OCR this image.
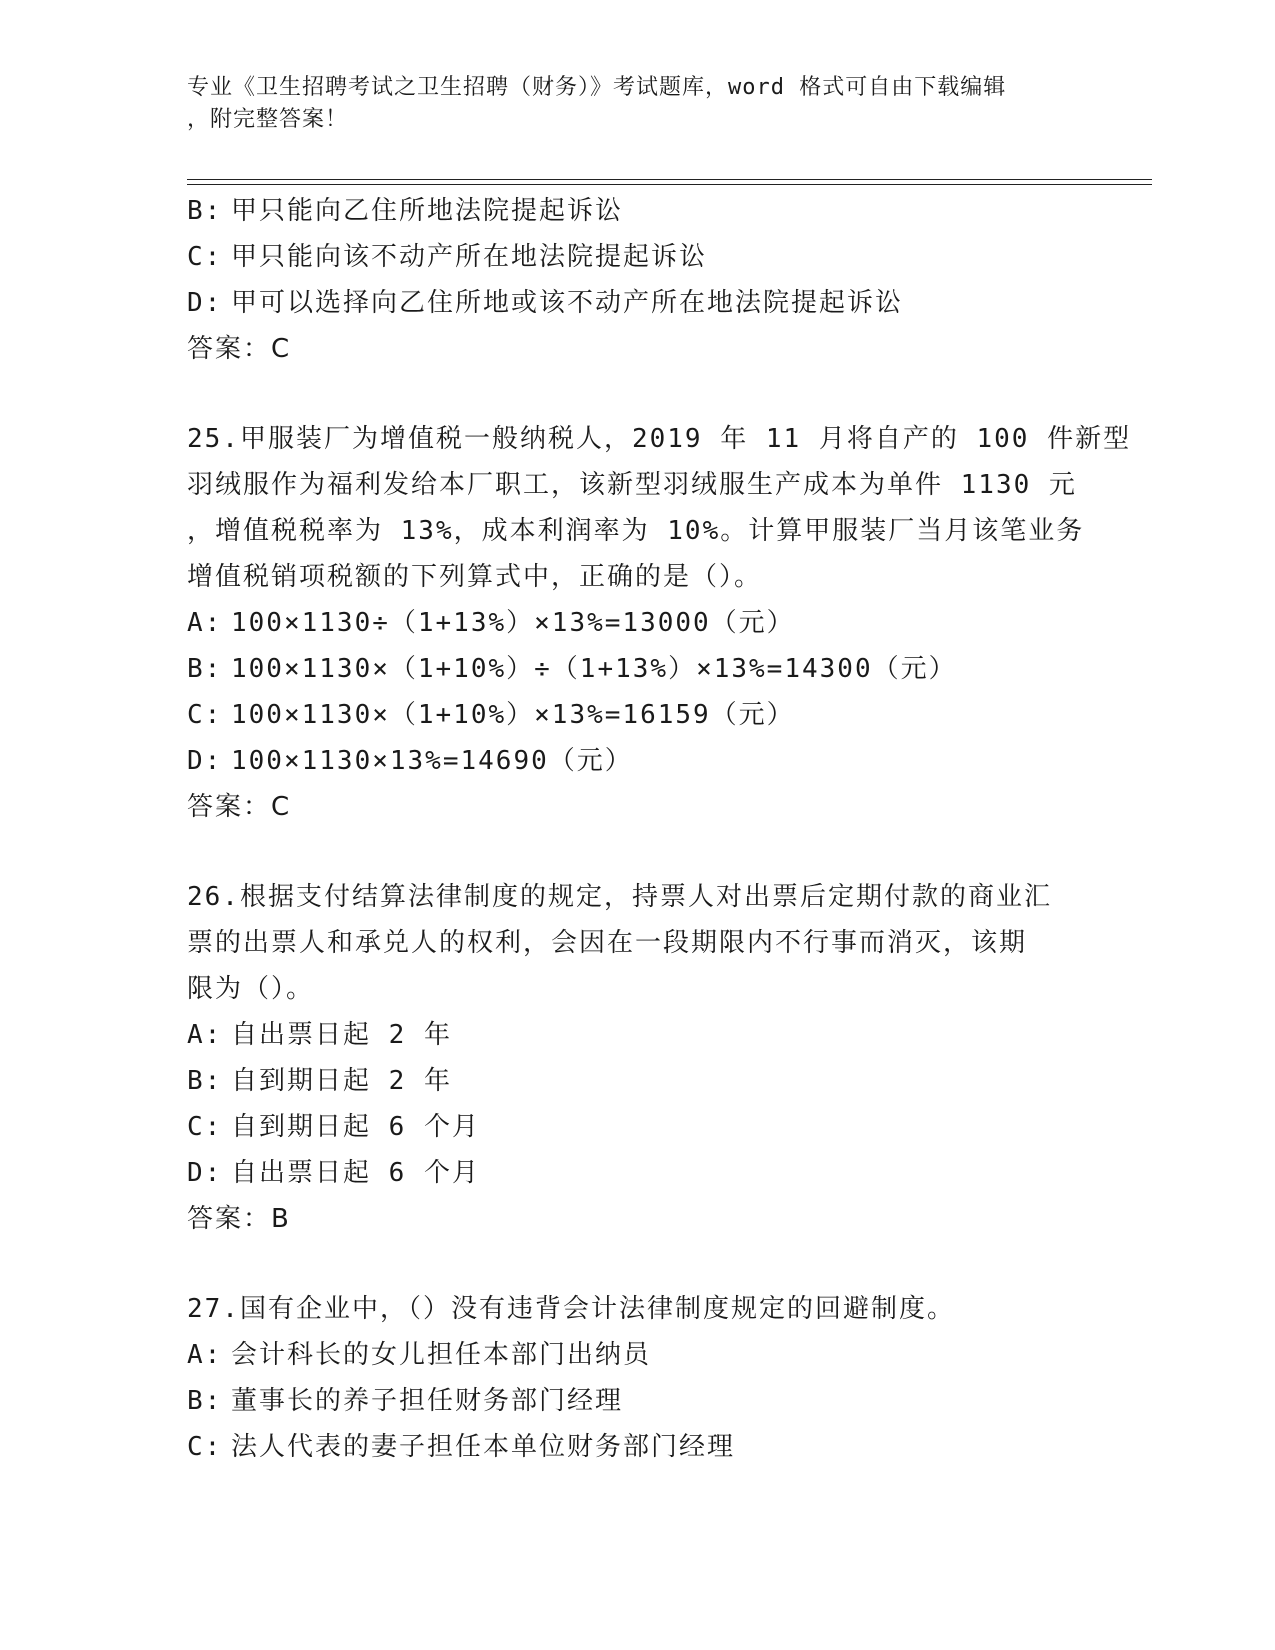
专业《卫生招聘考试之卫生招聘（财务）》考试题库，word 格式可自由下载编辑
，附完整答案！
B: 甲只能向乙住所地法院提起诉讼
C: 甲只能向该不动产所在地法院提起诉讼
D: 甲可以选择向乙住所地或该不动产所在地法院提起诉讼
答案：C
25.甲服装厂为增值税一般纳税人，2019 年 11 月将自产的 100 件新型
羽绒服作为福利发给本厂职工，该新型羽绒服生产成本为单件 1130 元
，增值税税率为 13%，成本利润率为 10%。计算甲服装厂当月该笔业务
增值税销项税额的下列算式中，正确的是（）。
A: 100×1130÷（1+13%）×13%=13000（元）
B: 100×1130×（1+10%）÷（1+13%）×13%=14300（元）
C: 100×1130×（1+10%）×13%=16159（元）
D: 100×1130×13%=14690（元）
答案：C
26.根据支付结算法律制度的规定，持票人对出票后定期付款的商业汇
票的出票人和承兑人的权利，会因在一段期限内不行事而消灭，该期
限为（）。
A: 自出票日起 2 年
B: 自到期日起 2 年
C: 自到期日起 6 个月
D: 自出票日起 6 个月
答案：B
27.国有企业中，（）没有违背会计法律制度规定的回避制度。
A: 会计科长的女儿担任本部门出纳员
B: 董事长的养子担任财务部门经理
C: 法人代表的妻子担任本单位财务部门经理
